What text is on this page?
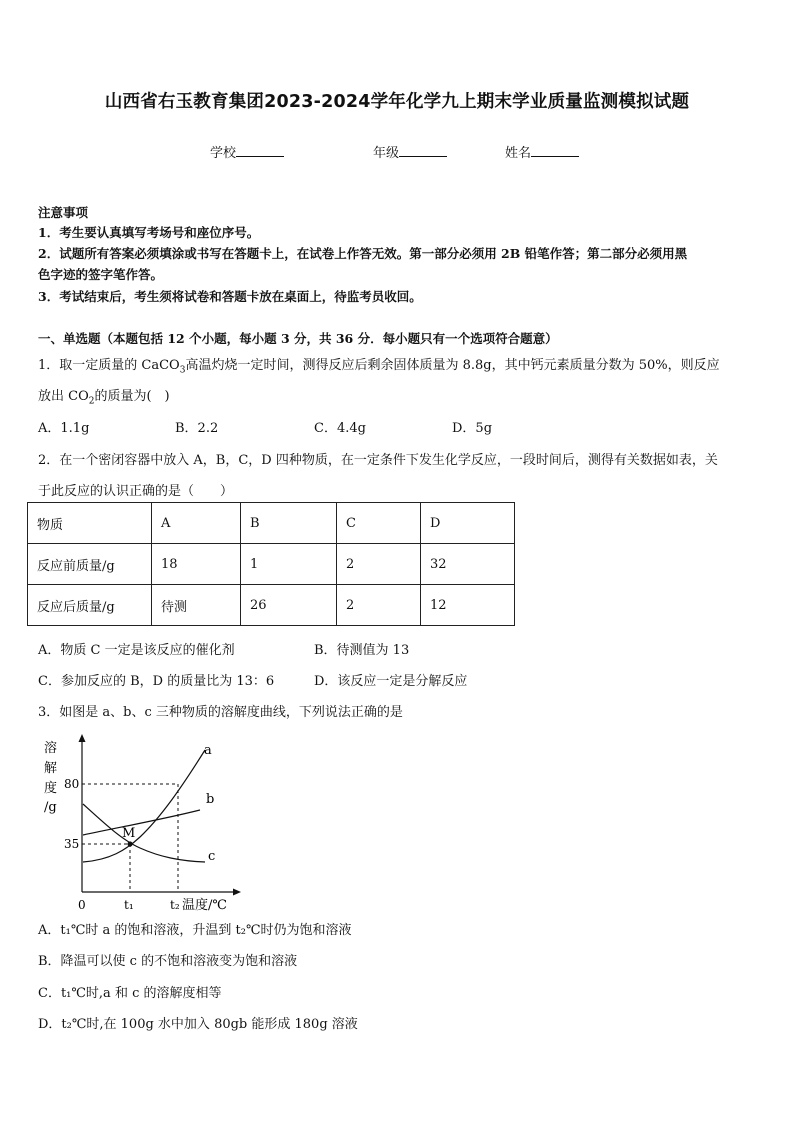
山西省右玉教育集团2023-2024学年化学九上期末学业质量监测模拟试题
学校	年级	姓名
注意事项
1．考生要认真填写考场号和座位序号。
2．试题所有答案必须填涂或书写在答题卡上，在试卷上作答无效。第一部分必须用 2B 铅笔作答；第二部分必须用黑
色字迹的签字笔作答。
3．考试结束后，考生须将试卷和答题卡放在桌面上，待监考员收回。
一、单选题（本题包括 12 个小题，每小题 3 分，共 36 分．每小题只有一个选项符合题意）
1．取一定质量的 CaCO$_3$高温灼烧一定时间，测得反应后剩余固体质量为 8.8g，其中钙元素质量分数为 50%，则反应
放出 $CO_2$的质量为(　)
A．1.1g	B．2.2	C．4.4g	D．5g
2．在一个密闭容器中放入 A，B，C，D 四种物质，在一定条件下发生化学反应，一段时间后，测得有关数据如表，关
于此反应的认识正确的是（　　）
物质	A	B	C	D
反应前质量/g	18	1	2	32
反应后质量/g	待测	26	2	12
A．物质 C 一定是该反应的催化剂	B．待测值为 13
C．参加反应的 B，D 的质量比为 13：6	D．该反应一定是分解反应
3．如图是 a、b、c 三种物质的溶解度曲线，下列说法正确的是
溶
解
度
/g
80
35
M
a
b
c
0	t₁	t₂ 温度/℃
A．t₁℃时 a 的饱和溶液，升温到 t₂℃时仍为饱和溶液
B．降温可以使 c 的不饱和溶液变为饱和溶液
C．t₁℃时,a 和 c 的溶解度相等
D．t₂℃时,在 100g 水中加入 80gb 能形成 180g 溶液
